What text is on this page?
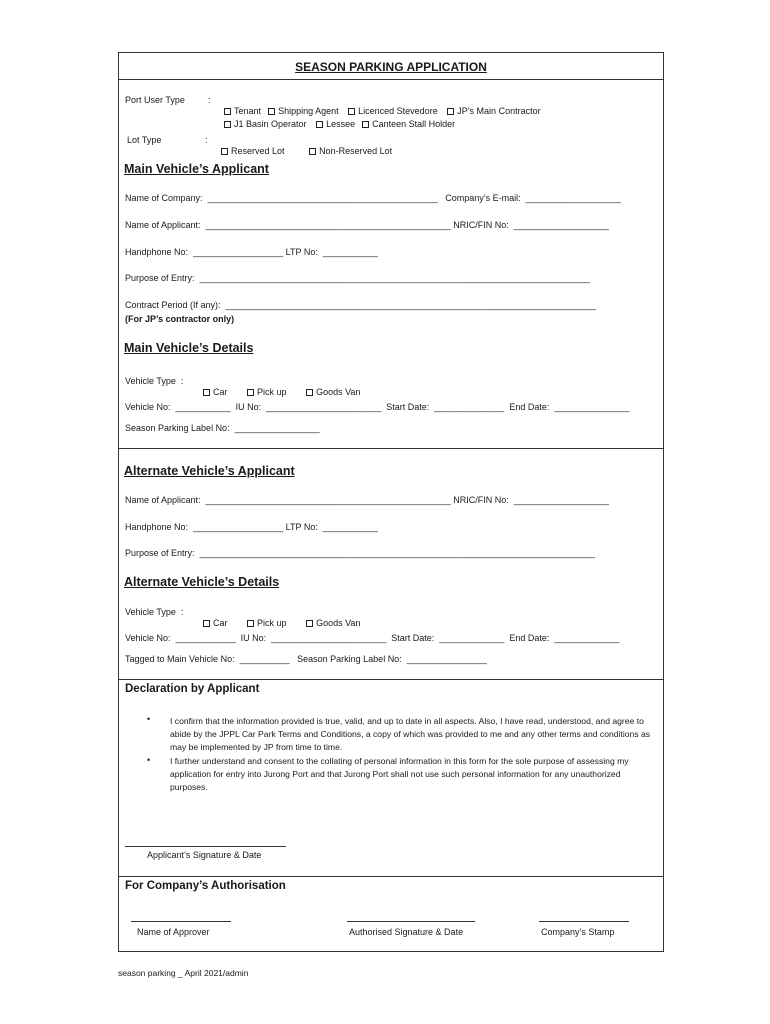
SEASON PARKING APPLICATION
Port User Type	:

Tenant Shipping Agent Licenced Stevedore JP’s Main Contractor

J1 Basin Operator Lessee Canteen Stall Holder

Lot Type	:

Reserved Lot	Non-Reserved Lot

Main Vehicle’s Applicant
Name of Company:  ______________________________________________   Company’s E-mail:  ___________________
Name of Applicant:  _________________________________________________ NRIC/FIN No:  ___________________
Handphone No:  __________________ LTP No:  ___________
Purpose of Entry:  ______________________________________________________________________________
Contract Period (If any):  __________________________________________________________________________
(For JP’s contractor only)
Main Vehicle’s Details
Vehicle Type  :

Car	Pick up	Goods Van

Vehicle No:  ___________  IU No:  _______________________  Start Date:  ______________  End Date:  _______________
Season Parking Label No:  _________________
Alternate Vehicle’s Applicant
Name of Applicant:  _________________________________________________ NRIC/FIN No:  ___________________
Handphone No:  __________________ LTP No:  ___________
Purpose of Entry:  _______________________________________________________________________________
Alternate Vehicle’s Details
Vehicle Type  :

Car	Pick up	Goods Van

Vehicle No:  ____________  IU No:  _______________________  Start Date:  _____________  End Date:  _____________
Tagged to Main Vehicle No:  __________   Season Parking Label No:  ________________
Declaration by Applicant
• I confirm that the information provided is true, valid, and up to date in all aspects. Also, I have read, understood, and agree to abide by the JPPL Car Park Terms and Conditions, a copy of which was provided to me and any other terms and conditions as may be implemented by JP from time to time.
• I further understand and consent to the collating of personal information in this form for the sole purpose of assessing my application for entry into Jurong Port and that Jurong Port shall not use such personal information for any unauthorized purposes.
Applicant’s Signature & Date
For Company’s Authorisation
Name of Approver	Authorised Signature & Date	Company’s Stamp
season parking _ April 2021/admin
